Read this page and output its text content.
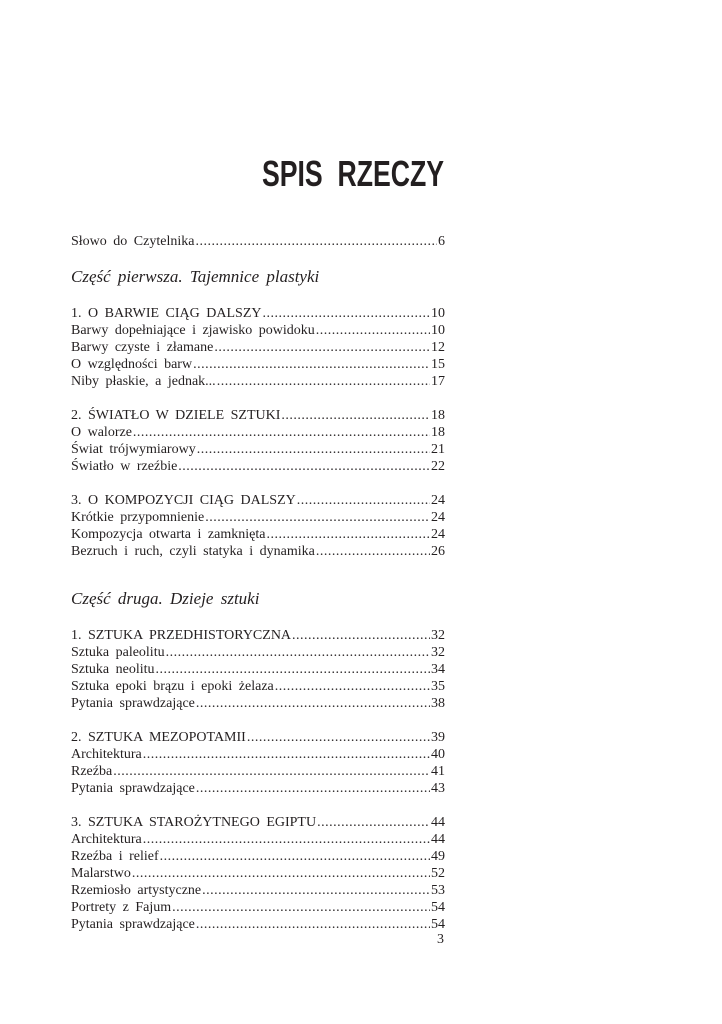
SPIS RZECZY
Słowo do Czytelnika .....	6
Część pierwsza. Tajemnice plastyki
1. O BARWIE CIĄG DALSZY .....	10
Barwy dopełniające i zjawisko powidoku .....	10
Barwy czyste i złamane .....	12
O względności barw .....	15
Niby płaskie, a jednak... .....	17
2. ŚWIATŁO W DZIELE SZTUKI .....	18
O walorze .....	18
Świat trójwymiarowy .....	21
Światło w rzeźbie .....	22
3. O KOMPOZYCJI CIĄG DALSZY .....	24
Krótkie przypomnienie .....	24
Kompozycja otwarta i zamknięta .....	24
Bezruch i ruch, czyli statyka i dynamika .....	26
Część druga. Dzieje sztuki
1. SZTUKA PRZEDHISTORYCZNA .....	32
Sztuka paleolitu .....	32
Sztuka neolitu .....	34
Sztuka epoki brązu i epoki żelaza .....	35
Pytania sprawdzające .....	38
2. SZTUKA MEZOPOTAMII .....	39
Architektura .....	40
Rzeźba .....	41
Pytania sprawdzające .....	43
3. SZTUKA STAROŻYTNEGO EGIPTU .....	44
Architektura .....	44
Rzeźba i relief .....	49
Malarstwo .....	52
Rzemiosło artystyczne .....	53
Portrety z Fajum .....	54
Pytania sprawdzające .....	54
3
